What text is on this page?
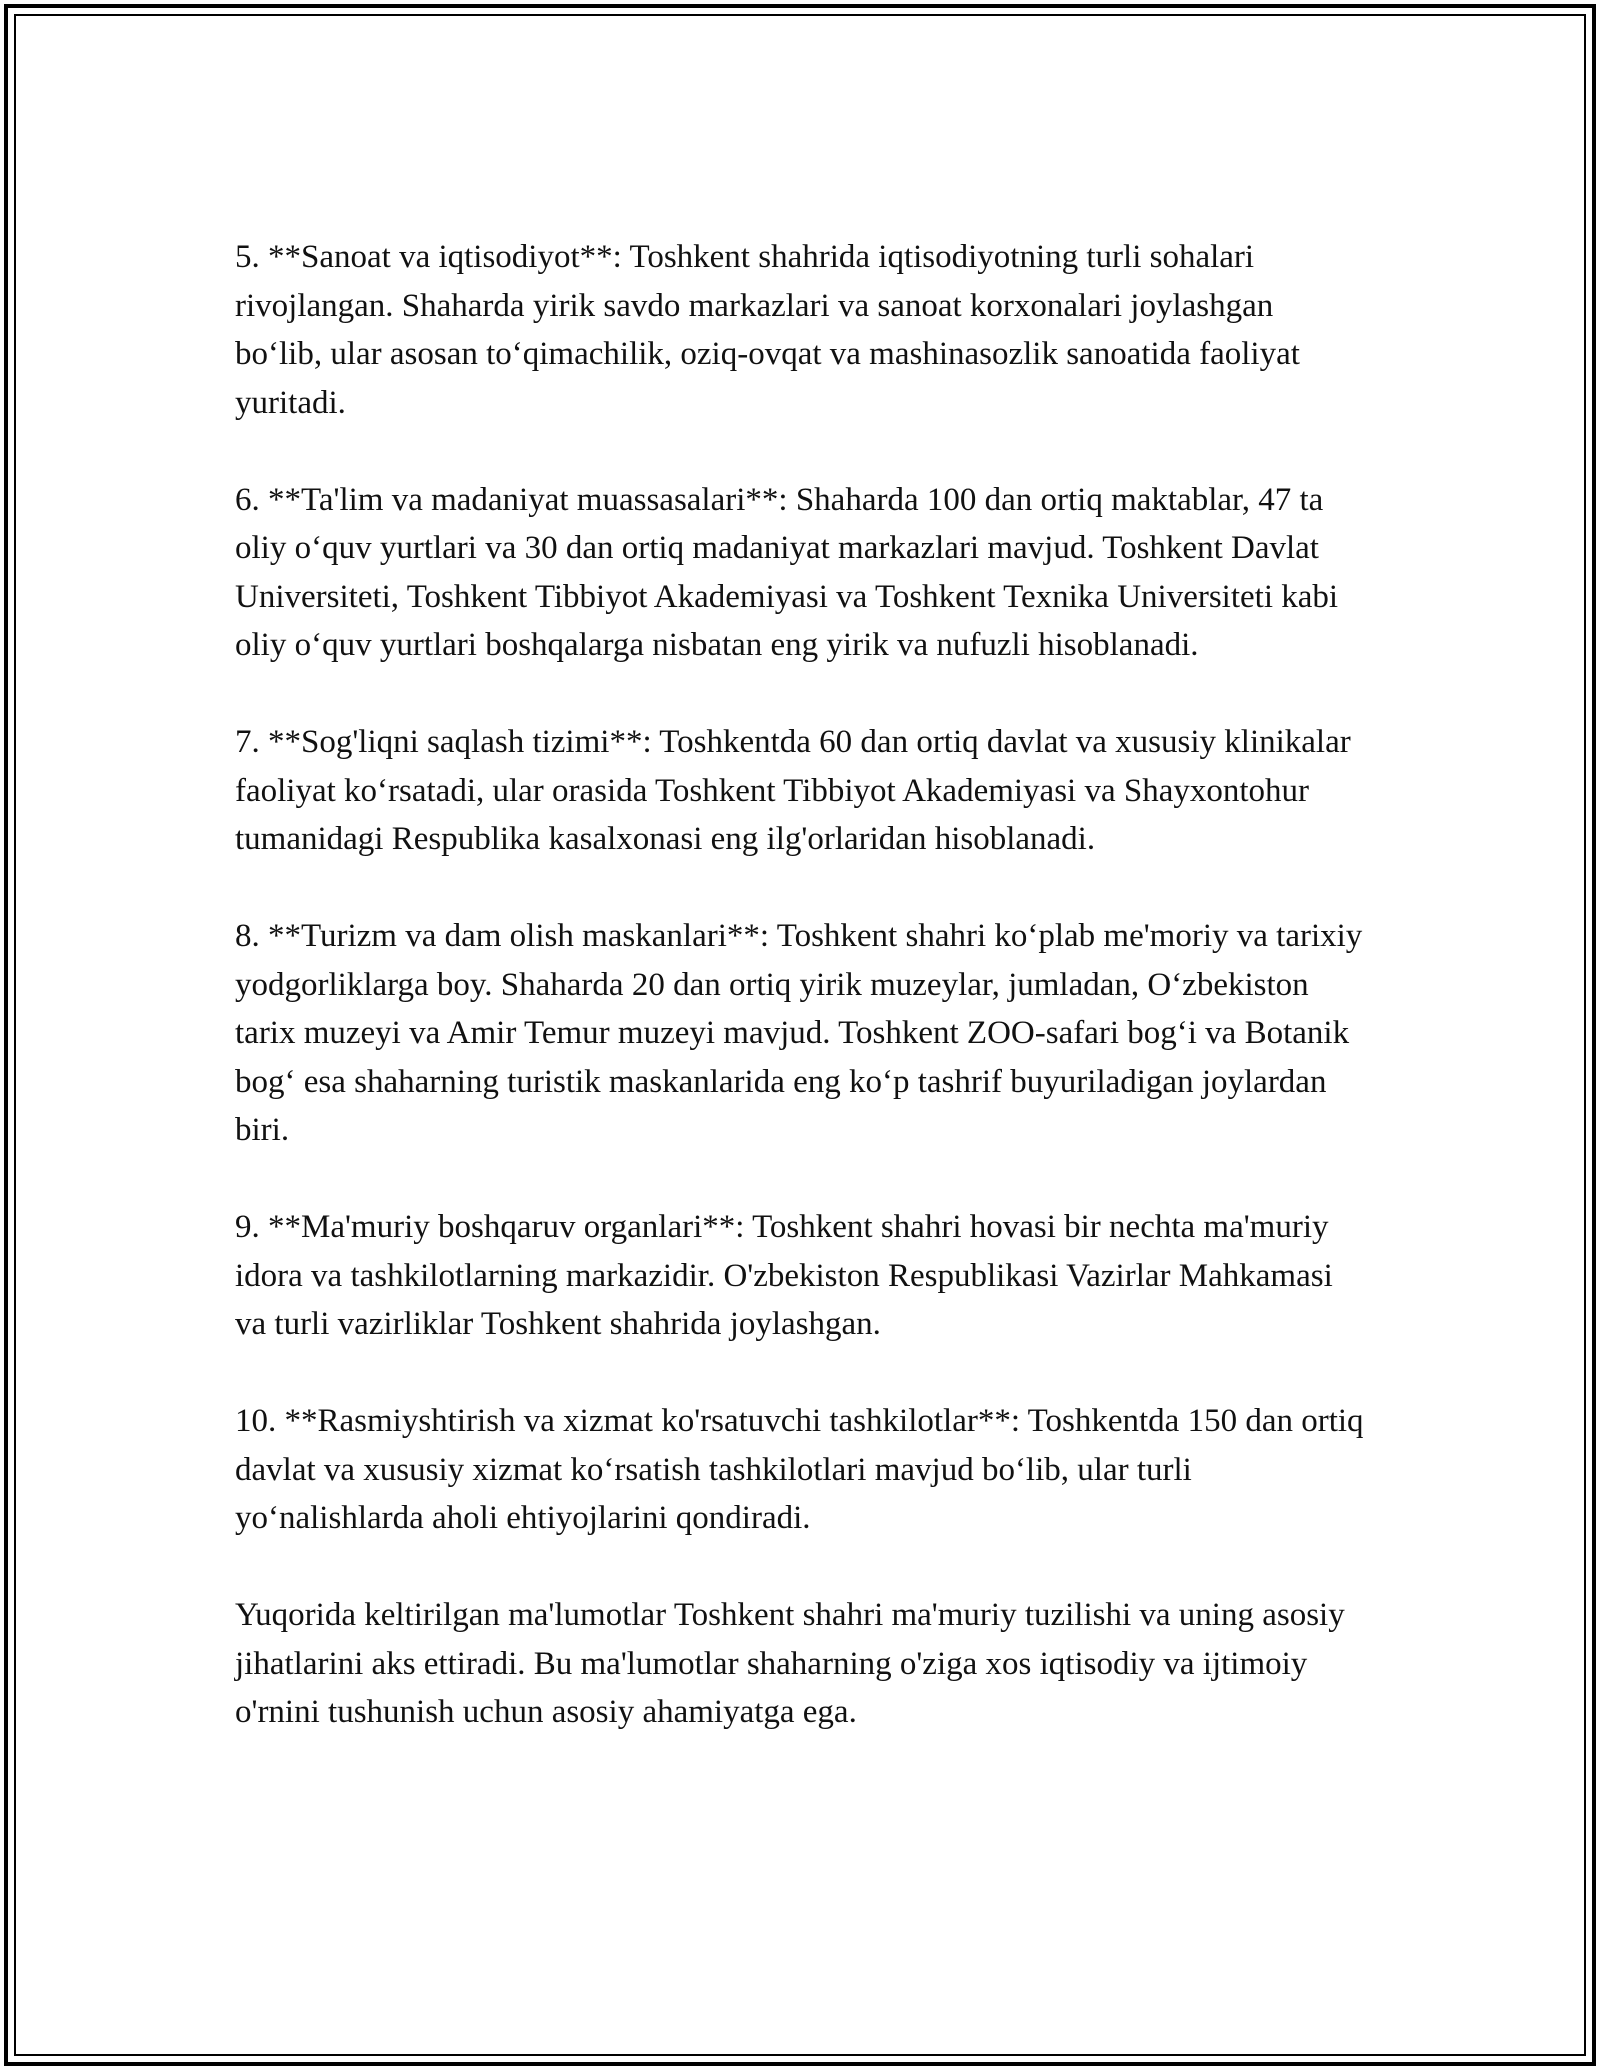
5. **Sanoat va iqtisodiyot**: Toshkent shahrida iqtisodiyotning turli sohalari rivojlangan. Shaharda yirik savdo markazlari va sanoat korxonalari joylashgan bo‘lib, ular asosan to‘qimachilik, oziq-ovqat va mashinasozlik sanoatida faoliyat yuritadi.

6. **Ta'lim va madaniyat muassasalari**: Shaharda 100 dan ortiq maktablar, 47 ta oliy o‘quv yurtlari va 30 dan ortiq madaniyat markazlari mavjud. Toshkent Davlat Universiteti, Toshkent Tibbiyot Akademiyasi va Toshkent Texnika Universiteti kabi oliy o‘quv yurtlari boshqalarga nisbatan eng yirik va nufuzli hisoblanadi.

7. **Sog'liqni saqlash tizimi**: Toshkentda 60 dan ortiq davlat va xususiy klinikalar faoliyat ko‘rsatadi, ular orasida Toshkent Tibbiyot Akademiyasi va Shayxontohur tumanidagi Respublika kasalxonasi eng ilg'orlaridan hisoblanadi.

8. **Turizm va dam olish maskanlari**: Toshkent shahri ko‘plab me'moriy va tarixiy yodgorliklarga boy. Shaharda 20 dan ortiq yirik muzeylar, jumladan, O‘zbekiston tarix muzeyi va Amir Temur muzeyi mavjud. Toshkent ZOO-safari bog‘i va Botanik bog‘ esa shaharning turistik maskanlarida eng ko‘p tashrif buyuriladigan joylardan biri.

9. **Ma'muriy boshqaruv organlari**: Toshkent shahri hovasi bir nechta ma'muriy idora va tashkilotlarning markazidir. O'zbekiston Respublikasi Vazirlar Mahkamasi va turli vazirliklar Toshkent shahrida joylashgan.

10. **Rasmiyshtirish va xizmat ko'rsatuvchi tashkilotlar**: Toshkentda 150 dan ortiq davlat va xususiy xizmat ko‘rsatish tashkilotlari mavjud bo‘lib, ular turli yo‘nalishlarda aholi ehtiyojlarini qondiradi.

Yuqorida keltirilgan ma'lumotlar Toshkent shahri ma'muriy tuzilishi va uning asosiy jihatlarini aks ettiradi. Bu ma'lumotlar shaharning o'ziga xos iqtisodiy va ijtimoiy o'rnini tushunish uchun asosiy ahamiyatga ega.
